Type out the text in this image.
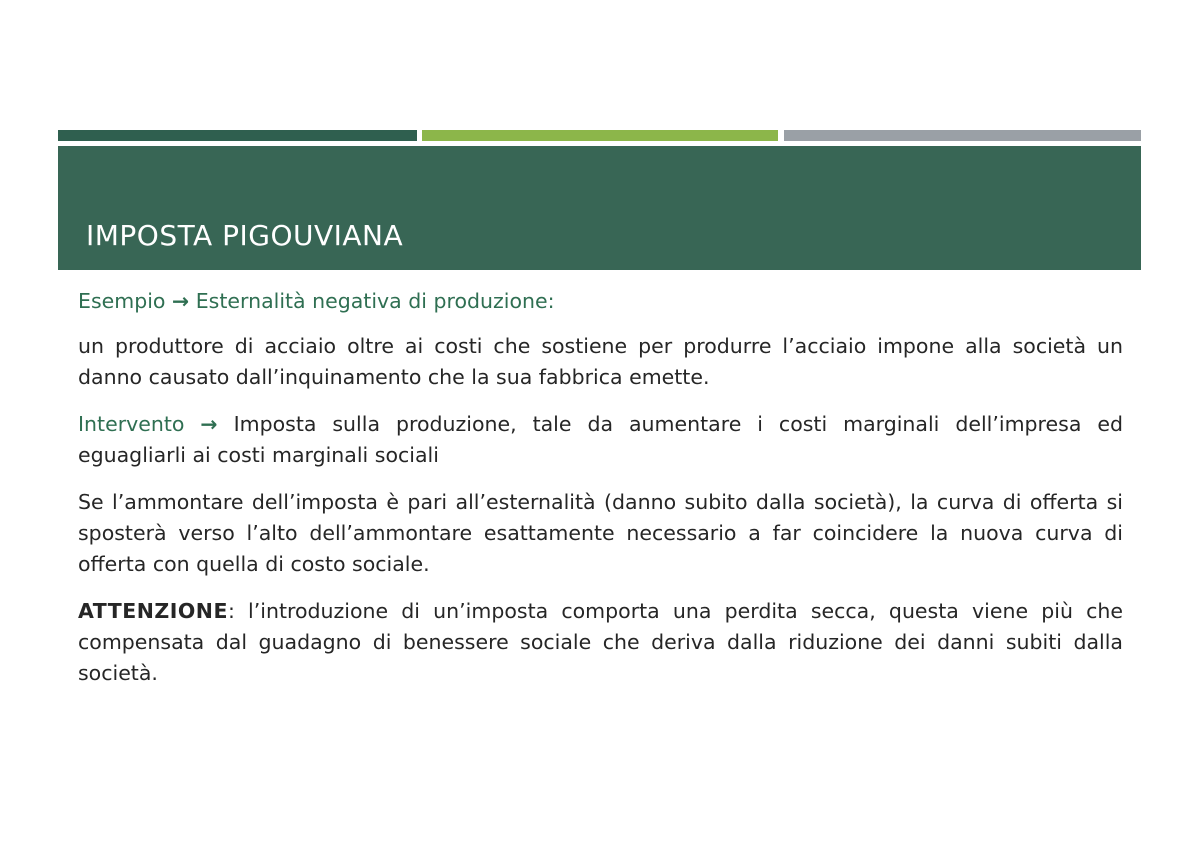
IMPOSTA PIGOUVIANA

Esempio → Esternalità negativa di produzione:

un produttore di acciaio oltre ai costi che sostiene per produrre l’acciaio impone alla società un danno causato dall’inquinamento che la sua fabbrica emette.

Intervento → Imposta sulla produzione, tale da aumentare i costi marginali dell’impresa ed eguagliarli ai costi marginali sociali

Se l’ammontare dell’imposta è pari all’esternalità (danno subito dalla società), la curva di offerta si sposterà verso l’alto dell’ammontare esattamente necessario a far coincidere la nuova curva di offerta con quella di costo sociale.

ATTENZIONE: l’introduzione di un’imposta comporta una perdita secca, questa viene più che compensata dal guadagno di benessere sociale che deriva dalla riduzione dei danni subiti dalla società.
